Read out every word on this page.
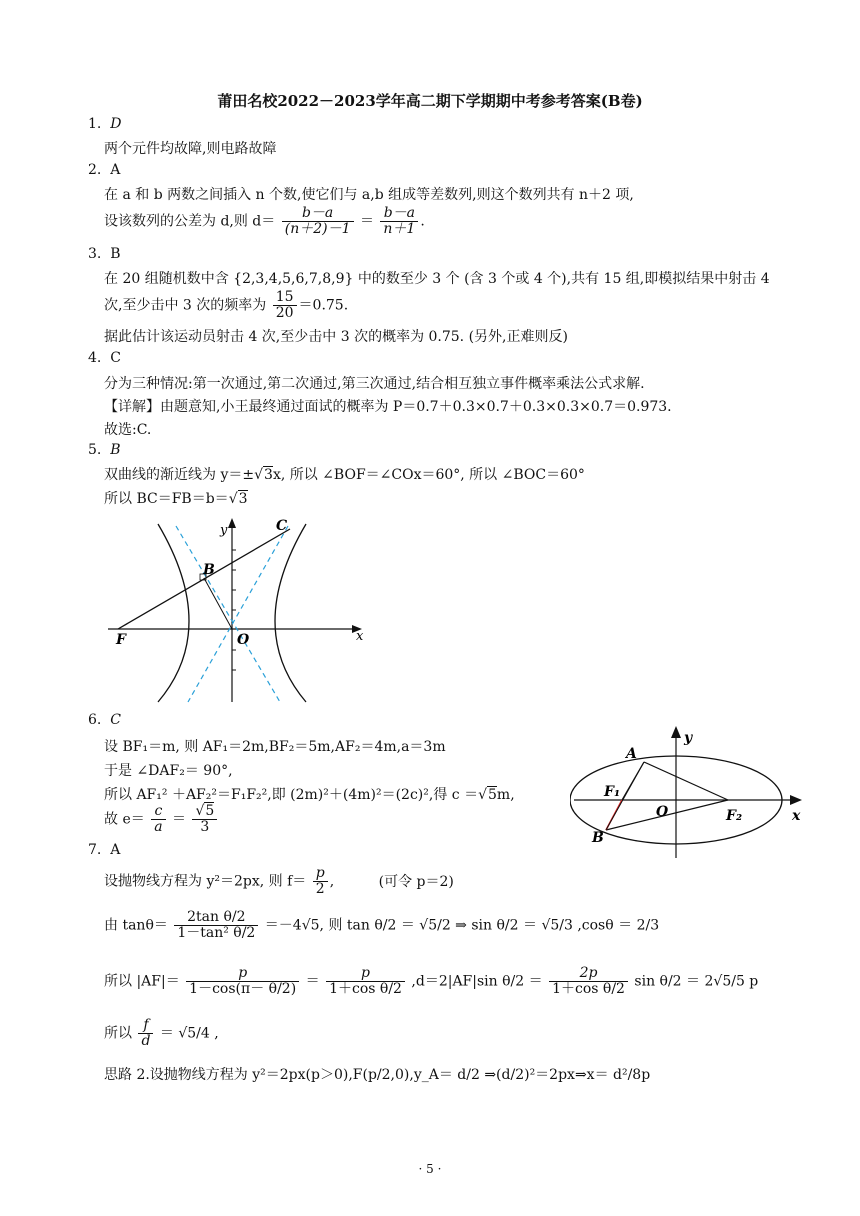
莆田名校2022－2023学年高二期下学期期中考参考答案(B卷)
1. D
两个元件均故障,则电路故障
2. A
在 a 和 b 两数之间插入 n 个数,使它们与 a,b 组成等差数列,则这个数列共有 n＋2 项,
设该数列的公差为 d,则 $d= \frac{b-a}{(n+2)-1} = \frac{b-a}{n+1}$ .
3. B
在 20 组随机数中含 {2,3,4,5,6,7,8,9} 中的数至少 3 个 (含 3 个或 4 个),共有 15 组,即模拟结果中射击 4
次,至少击中 3 次的频率为 $\frac{15}{20} =0.75$.
据此估计该运动员射击 4 次,至少击中 3 次的概率为 0.75. (另外,正难则反)
4. C
分为三种情况:第一次通过,第二次通过,第三次通过,结合相互独立事件概率乘法公式求解.
【详解】由题意知,小王最终通过面试的概率为 P＝0.7＋0.3×0.7＋0.3×0.3×0.7＝0.973.
故选:C.
5. B
双曲线的渐近线为 y＝±√3x, 所以 ∠BOF＝∠COx＝60°, 所以 ∠BOC＝60°
所以 BC＝FB＝b＝√3
y
x
C
B
F	O
6. C
设 BF₁＝m, 则 AF₁＝2m,BF₂＝5m,AF₂＝4m,a＝3m
于是 ∠DAF₂＝ 90°,
所以 AF₁² ＋AF₂²＝F₁F₂²,即 (2m)²＋(4m)²＝(2c)²,得 c ＝√5m,
故 $e= \frac{c}{a} = \frac{√5}{3}$
y
x
A
F₁
O	F₂
B
7. A
设抛物线方程为 y²＝2px, 则 $f= \frac{p}{2}$ ,	(可令 p＝2)
由 $\tan\theta= \frac{\text{2tan θ/2}}{\text{1－tan² θ/2}} =-4√5$, 则 tan θ/2 ＝ √5/2 ⇒ sin θ/2 ＝ √5/3 ,cosθ ＝ 2/3
所以 $|AF|= \frac{p}{1-\cos(\pi- \theta/2)} = \frac{p}{\text{1＋cos θ/2}} ,d=2|AF|\sin$ $\theta/2 = \frac{2p}{\text{1＋cos θ/2}}$ sin θ/2 ＝ 2√5/5 p
所以 $\frac{f}{d} = √5/4$ ,
思路 2.设抛物线方程为 y²＝2px(p＞0),F(p/2,0),y_A＝ d/2 ⇒(d/2)²＝2px⇒x＝ d²/8p
· 5 ·
